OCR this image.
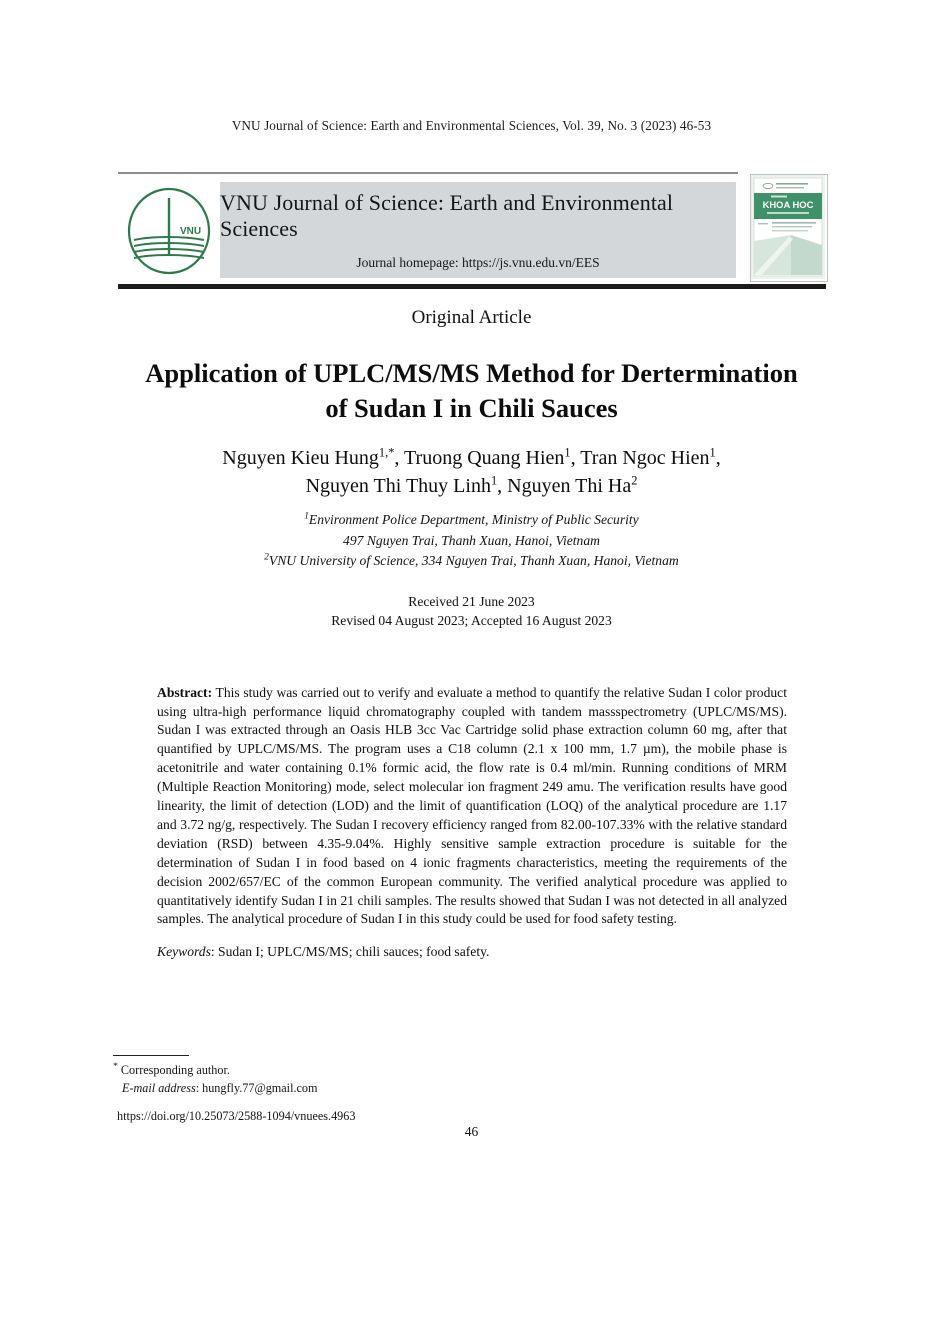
VNU Journal of Science: Earth and Environmental Sciences, Vol. 39, No. 3 (2023) 46-53
VNU
VNU Journal of Science: Earth and Environmental Sciences
Journal homepage: https://js.vnu.edu.vn/EES
KHOA HOC
Original Article
Application of UPLC/MS/MS Method for Dertermination
of Sudan I in Chili Sauces
Nguyen Kieu Hung$^{1,*}$, Truong Quang Hien$^1$, Tran Ngoc Hien$^1$,
Nguyen Thi Thuy Linh$^1$, Nguyen Thi Ha$^2$
$^1$Environment Police Department, Ministry of Public Security
497 Nguyen Trai, Thanh Xuan, Hanoi, Vietnam
$^2$VNU University of Science, 334 Nguyen Trai, Thanh Xuan, Hanoi, Vietnam
Received 21 June 2023
Revised 04 August 2023; Accepted 16 August 2023

Abstract: This study was carried out to verify and evaluate a method to quantify the relative Sudan I color product using ultra-high performance liquid chromatography coupled with tandem massspectrometry (UPLC/MS/MS). Sudan I was extracted through an Oasis HLB 3cc Vac Cartridge solid phase extraction column 60 mg, after that quantified by UPLC/MS/MS. The program uses a C18 column (2.1 x 100 mm, 1.7 µm), the mobile phase is acetonitrile and water containing 0.1% formic acid, the flow rate is 0.4 ml/min. Running conditions of MRM (Multiple Reaction Monitoring) mode, select molecular ion fragment 249 amu. The verification results have good linearity, the limit of detection (LOD) and the limit of quantification (LOQ) of the analytical procedure are 1.17 and 3.72 ng/g, respectively. The Sudan I recovery efficiency ranged from 82.00-107.33% with the relative standard deviation (RSD) between 4.35-9.04%. Highly sensitive sample extraction procedure is suitable for the determination of Sudan I in food based on 4 ionic fragments characteristics, meeting the requirements of the decision 2002/657/EC of the common European community. The verified analytical procedure was applied to quantitatively identify Sudan I in 21 chili samples. The results showed that Sudan I was not detected in all analyzed samples. The analytical procedure of Sudan I in this study could be used for food safety testing.

Keywords: Sudan I; UPLC/MS/MS; chili sauces; food safety.

* Corresponding author.
E-mail address: hungfly.77@gmail.com
https://doi.org/10.25073/2588-1094/vnuees.4963
46
